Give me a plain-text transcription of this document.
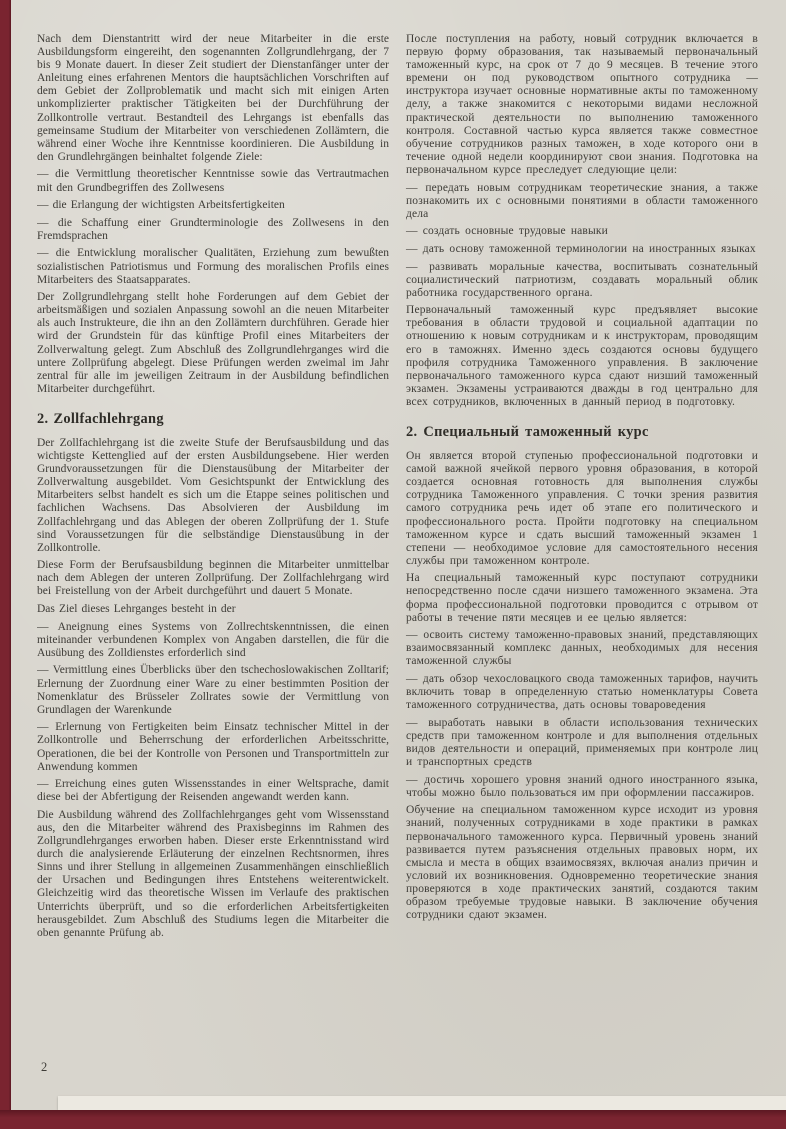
Nach dem Dienstantritt wird der neue Mitarbeiter in die erste Ausbildungsform eingereiht, den sogenannten Zollgrundlehrgang, der 7 bis 9 Monate dauert. In dieser Zeit studiert der Dienstanfänger unter der Anleitung eines erfahrenen Mentors die hauptsächlichen Vorschriften auf dem Gebiet der Zollproblematik und macht sich mit einigen Arten unkomplizierter praktischer Tätigkeiten bei der Durchführung der Zollkontrolle vertraut. Bestandteil des Lehrgangs ist ebenfalls das gemeinsame Studium der Mitarbeiter von verschiedenen Zollämtern, die während einer Woche ihre Kenntnisse koordinieren. Die Ausbildung in den Grundlehrgängen beinhaltet folgende Ziele:

— die Vermittlung theoretischer Kenntnisse sowie das Vertrautmachen mit den Grundbegriffen des Zollwesens

— die Erlangung der wichtigsten Arbeitsfertigkeiten

— die Schaffung einer Grundterminologie des Zollwesens in den Fremdsprachen

— die Entwicklung moralischer Qualitäten, Erziehung zum bewußten sozialistischen Patriotismus und Formung des moralischen Profils eines Mitarbeiters des Staatsapparates.

Der Zollgrundlehrgang stellt hohe Forderungen auf dem Gebiet der arbeitsmäßigen und sozialen Anpassung sowohl an die neuen Mitarbeiter als auch Instrukteure, die ihn an den Zollämtern durchführen. Gerade hier wird der Grundstein für das künftige Profil eines Mitarbeiters der Zollverwaltung gelegt. Zum Abschluß des Zollgrundlehrganges wird die untere Zollprüfung abgelegt. Diese Prüfungen werden zweimal im Jahr zentral für alle im jeweiligen Zeitraum in der Ausbildung befindlichen Mitarbeiter durchgeführt.

2. Zollfachlehrgang

Der Zollfachlehrgang ist die zweite Stufe der Berufsausbildung und das wichtigste Kettenglied auf der ersten Ausbildungsebene. Hier werden Grundvoraussetzungen für die Dienstausübung der Mitarbeiter der Zollverwaltung ausgebildet. Vom Gesichtspunkt der Entwicklung des Mitarbeiters selbst handelt es sich um die Etappe seines politischen und fachlichen Wachsens. Das Absolvieren der Ausbildung im Zollfachlehrgang und das Ablegen der oberen Zollprüfung der 1. Stufe sind Voraussetzungen für die selbständige Dienstausübung in der Zollkontrolle.

Diese Form der Berufsausbildung beginnen die Mitarbeiter unmittelbar nach dem Ablegen der unteren Zollprüfung. Der Zollfachlehrgang wird bei Freistellung von der Arbeit durchgeführt und dauert 5 Monate.

Das Ziel dieses Lehrganges besteht in der

— Aneignung eines Systems von Zollrechtskenntnissen, die einen miteinander verbundenen Komplex von Angaben darstellen, die für die Ausübung des Zolldienstes erforderlich sind

— Vermittlung eines Überblicks über den tschechoslowakischen Zolltarif; Erlernung der Zuordnung einer Ware zu einer bestimmten Position der Nomenklatur des Brüsseler Zollrates sowie der Vermittlung von Grundlagen der Warenkunde

— Erlernung von Fertigkeiten beim Einsatz technischer Mittel in der Zollkontrolle und Beherrschung der erforderlichen Arbeitsschritte, Operationen, die bei der Kontrolle von Personen und Transportmitteln zur Anwendung kommen

— Erreichung eines guten Wissensstandes in einer Weltsprache, damit diese bei der Abfertigung der Reisenden angewandt werden kann.

Die Ausbildung während des Zollfachlehrganges geht vom Wissensstand aus, den die Mitarbeiter während des Praxisbeginns im Rahmen des Zollgrundlehrganges erworben haben. Dieser erste Erkenntnisstand wird durch die analysierende Erläuterung der einzelnen Rechtsnormen, ihres Sinns und ihrer Stellung in allgemeinen Zusammenhängen einschließlich der Ursachen und Bedingungen ihres Entstehens weiterentwickelt. Gleichzeitig wird das theoretische Wissen im Verlaufe des praktischen Unterrichts überprüft, und so die erforderlichen Arbeitsfertigkeiten herausgebildet. Zum Abschluß des Studiums legen die Mitarbeiter die oben genannte Prüfung ab.

После поступления на работу, новый сотрудник включается в первую форму образования, так называемый первоначальный таможенный курс, на срок от 7 до 9 месяцев. В течение этого времени он под руководством опытного сотрудника — инструктора изучает основные нормативные акты по таможенному делу, а также знакомится с некоторыми видами несложной практической деятельности по выполнению таможенного контроля. Составной частью курса является также совместное обучение сотрудников разных таможен, в ходе которого они в течение одной недели координируют свои знания. Подготовка на первоначальном курсе преследует следующие цели:

— передать новым сотрудникам теоретические знания, а также познакомить их с основными понятиями в области таможенного дела

— создать основные трудовые навыки

— дать основу таможенной терминологии на иностранных языках

— развивать моральные качества, воспитывать сознательный социалистический патриотизм, создавать моральный облик работника государственного органа.

Первоначальный таможенный курс предъявляет высокие требования в области трудовой и социальной адаптации по отношению к новым сотрудникам и к инструкторам, проводящим его в таможнях. Именно здесь создаются основы будущего профиля сотрудника Таможенного управления. В заключение первоначального таможенного курса сдают низший таможенный экзамен. Экзамены устраиваются дважды в год центрально для всех сотрудников, включенных в данный период в подготовку.

2. Специальный таможенный курс

Он является второй ступенью профессиональной подготовки и самой важной ячейкой первого уровня образования, в которой создается основная готовность для выполнения службы сотрудника Таможенного управления. С точки зрения развития самого сотрудника речь идет об этапе его политического и профессионального роста. Пройти подготовку на специальном таможенном курсе и сдать высший таможенный экзамен 1 степени — необходимое условие для самостоятельного несения службы при таможенном контроле.

На специальный таможенный курс поступают сотрудники непосредственно после сдачи низшего таможенного экзамена. Эта форма профессиональной подготовки проводится с отрывом от работы в течение пяти месяцев и ее целью является:

— освоить систему таможенно-правовых знаний, представляющих взаимосвязанный комплекс данных, необходимых для несения таможенной службы

— дать обзор чехословацкого свода таможенных тарифов, научить включить товар в определенную статью номенклатуры Совета таможенного сотрудничества, дать основы товароведения

— выработать навыки в области использования технических средств при таможенном контроле и для выполнения отдельных видов деятельности и операций, применяемых при контроле лиц и транспортных средств

— достичь хорошего уровня знаний одного иностранного языка, чтобы можно было пользоваться им при оформлении пассажиров.

Обучение на специальном таможенном курсе исходит из уровня знаний, полученных сотрудниками в ходе практики в рамках первоначального таможенного курса. Первичный уровень знаний развивается путем разъяснения отдельных правовых норм, их смысла и места в общих взаимосвязях, включая анализ причин и условий их возникновения. Одновременно теоретические знания проверяются в ходе практических занятий, создаются таким образом требуемые трудовые навыки. В заключение обучения сотрудники сдают экзамен.

2
